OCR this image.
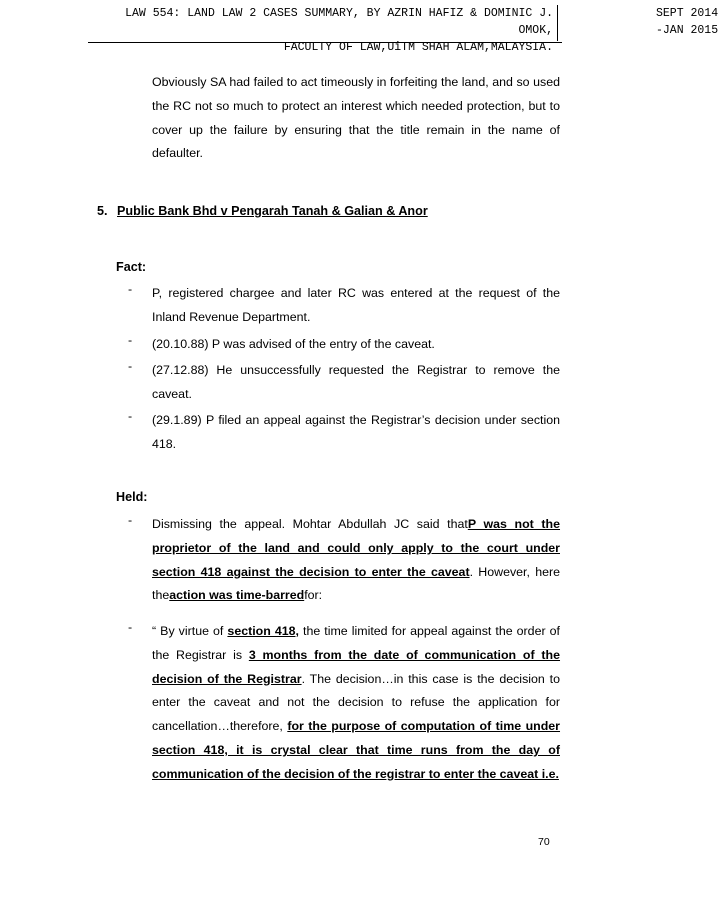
LAW 554: LAND LAW 2 CASES SUMMARY, BY AZRIN HAFIZ & DOMINIC J. OMOK,
FACULTY OF LAW,UiTM SHAH ALAM,MALAYSIA.
SEPT 2014
-JAN 2015

Obviously SA had failed to act timeously in forfeiting the land, and so used the RC not so much to protect an interest which needed protection, but to cover up the failure by ensuring that the title remain in the name of defaulter.

5. Public Bank Bhd v Pengarah Tanah & Galian & Anor
Fact:
- P, registered chargee and later RC was entered at the request of the Inland Revenue Department.
- (20.10.88) P was advised of the entry of the caveat.
- (27.12.88) He unsuccessfully requested the Registrar to remove the caveat.
- (29.1.89) P filed an appeal against the Registrar’s decision under section 418.
Held:
- Dismissing the appeal. Mohtar Abdullah JC said thatP was not the proprietor of the land and could only apply to the court under section 418 against the decision to enter the caveat. However, here theaction was time-barredfor:
- “ By virtue of section 418, the time limited for appeal against the order of the Registrar is 3 months from the date of communication of the decision of the Registrar. The decision…in this case is the decision to enter the caveat and not the decision to refuse the application for cancellation…therefore, for the purpose of computation of time under section 418, it is crystal clear that time runs from the day of communication of the decision of the registrar to enter the caveat i.e.
70
